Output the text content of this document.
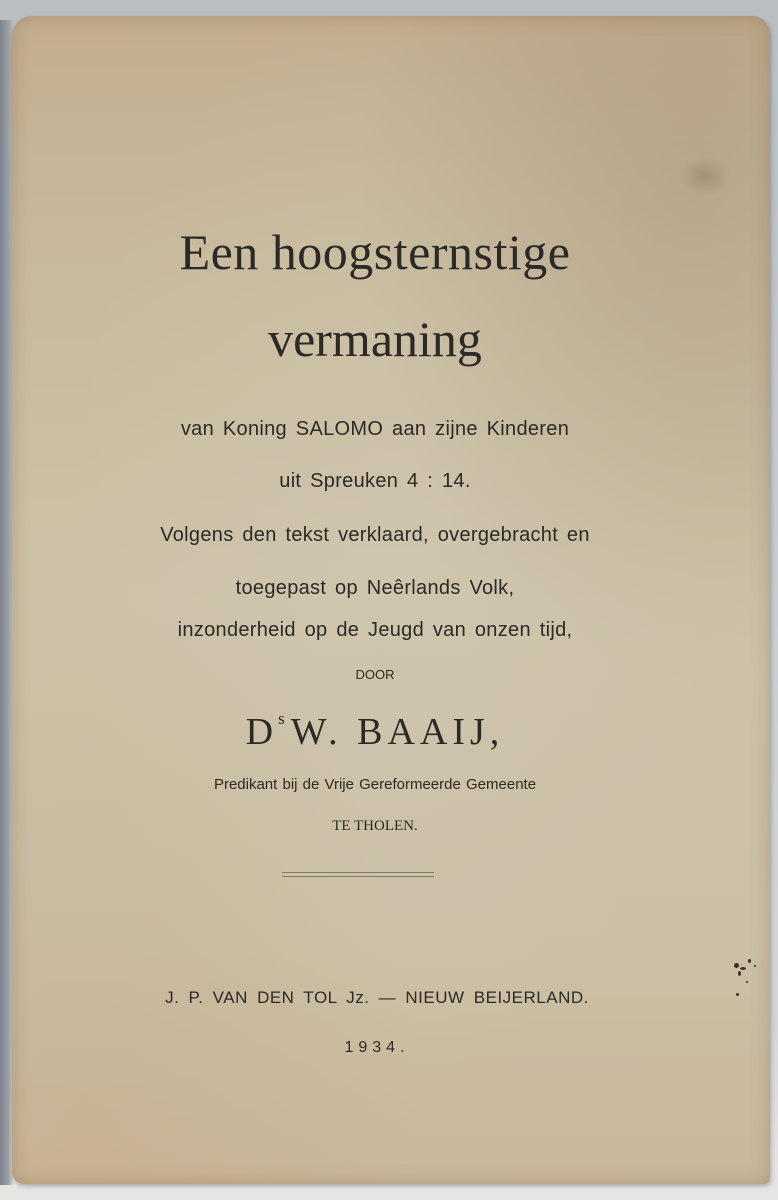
Een hoogsternstige
vermaning
van Koning SALOMO aan zijne Kinderen
uit Spreuken 4 : 14.
Volgens den tekst verklaard, overgebracht en
toegepast op Neêrlands Volk,
inzonderheid op de Jeugd van onzen tijd,
DOOR
$D^s$ W. BAAIJ,
Predikant bij de Vrije Gereformeerde Gemeente
TE THOLEN.
J. P. VAN DEN TOL Jz. — NIEUW BEIJERLAND.
1934.
